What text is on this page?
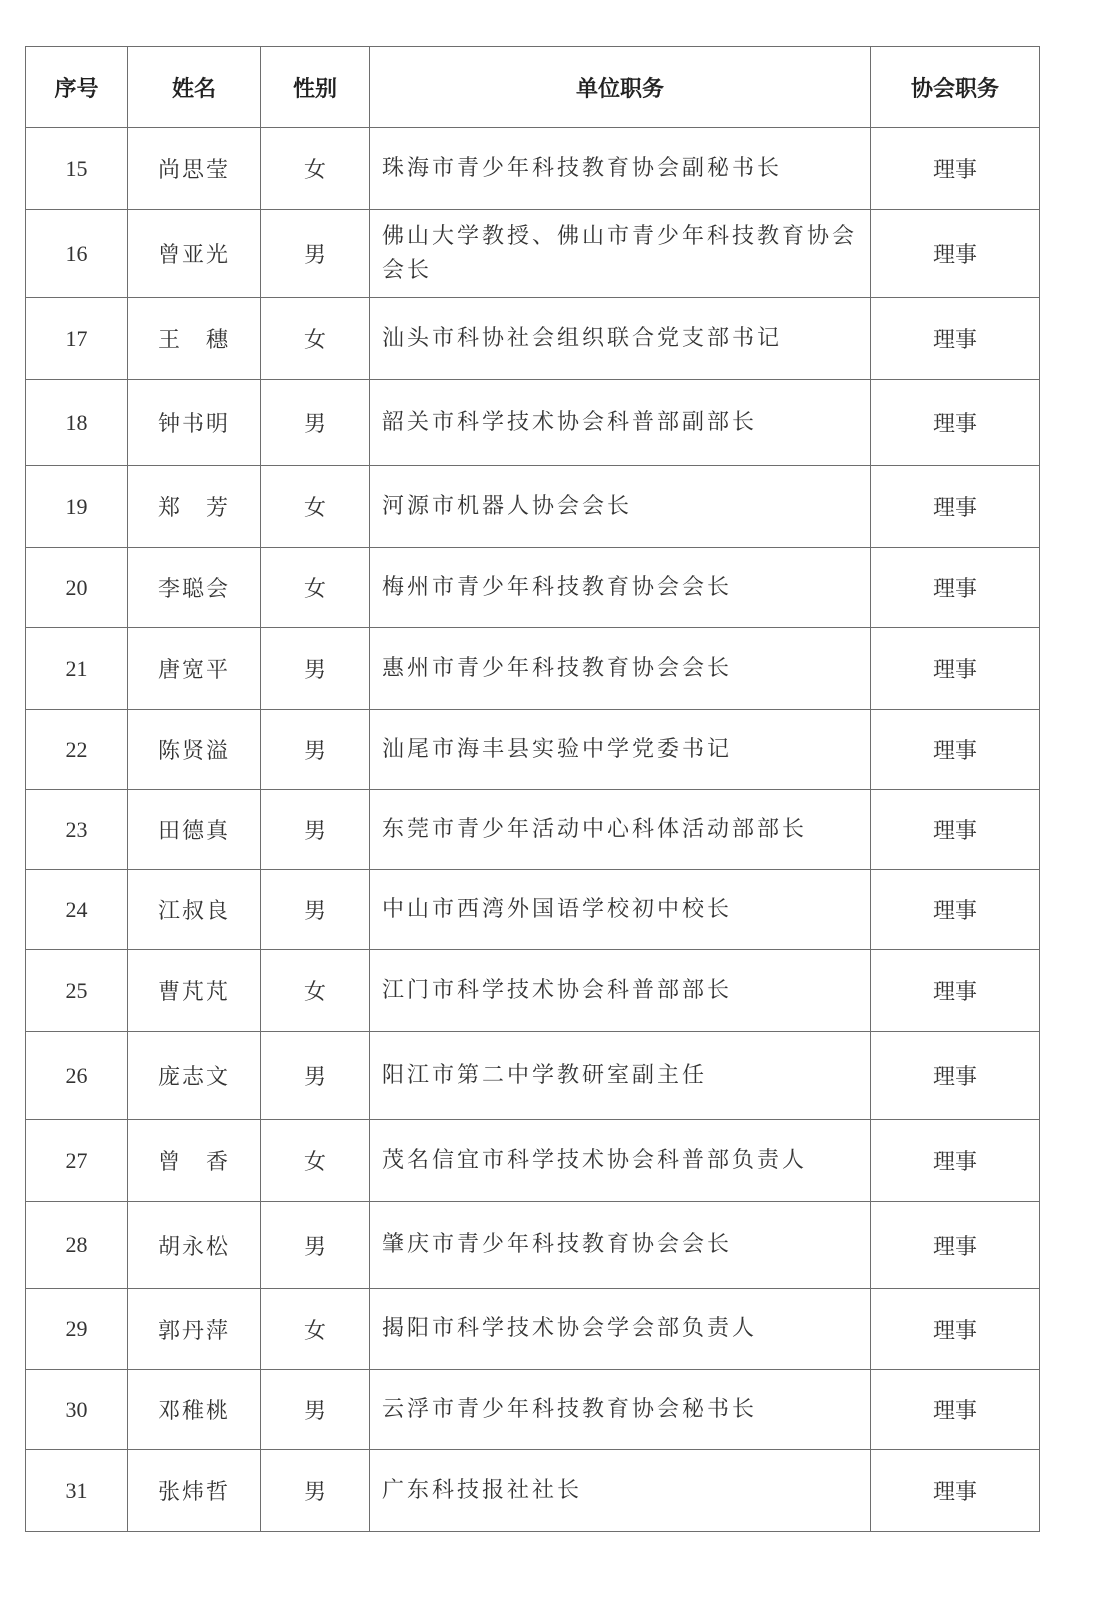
序号	姓名	性别	单位职务	协会职务
15	尚思莹	女	珠海市青少年科技教育协会副秘书长	理事
16	曾亚光	男	佛山大学教授、佛山市青少年科技教育协会会长	理事
17	王　穗	女	汕头市科协社会组织联合党支部书记	理事
18	钟书明	男	韶关市科学技术协会科普部副部长	理事
19	郑　芳	女	河源市机器人协会会长	理事
20	李聪会	女	梅州市青少年科技教育协会会长	理事
21	唐宽平	男	惠州市青少年科技教育协会会长	理事
22	陈贤溢	男	汕尾市海丰县实验中学党委书记	理事
23	田德真	男	东莞市青少年活动中心科体活动部部长	理事
24	江叔良	男	中山市西湾外国语学校初中校长	理事
25	曹芃芃	女	江门市科学技术协会科普部部长	理事
26	庞志文	男	阳江市第二中学教研室副主任	理事
27	曾　香	女	茂名信宜市科学技术协会科普部负责人	理事
28	胡永松	男	肇庆市青少年科技教育协会会长	理事
29	郭丹萍	女	揭阳市科学技术协会学会部负责人	理事
30	邓稚桃	男	云浮市青少年科技教育协会秘书长	理事
31	张炜哲	男	广东科技报社社长	理事
